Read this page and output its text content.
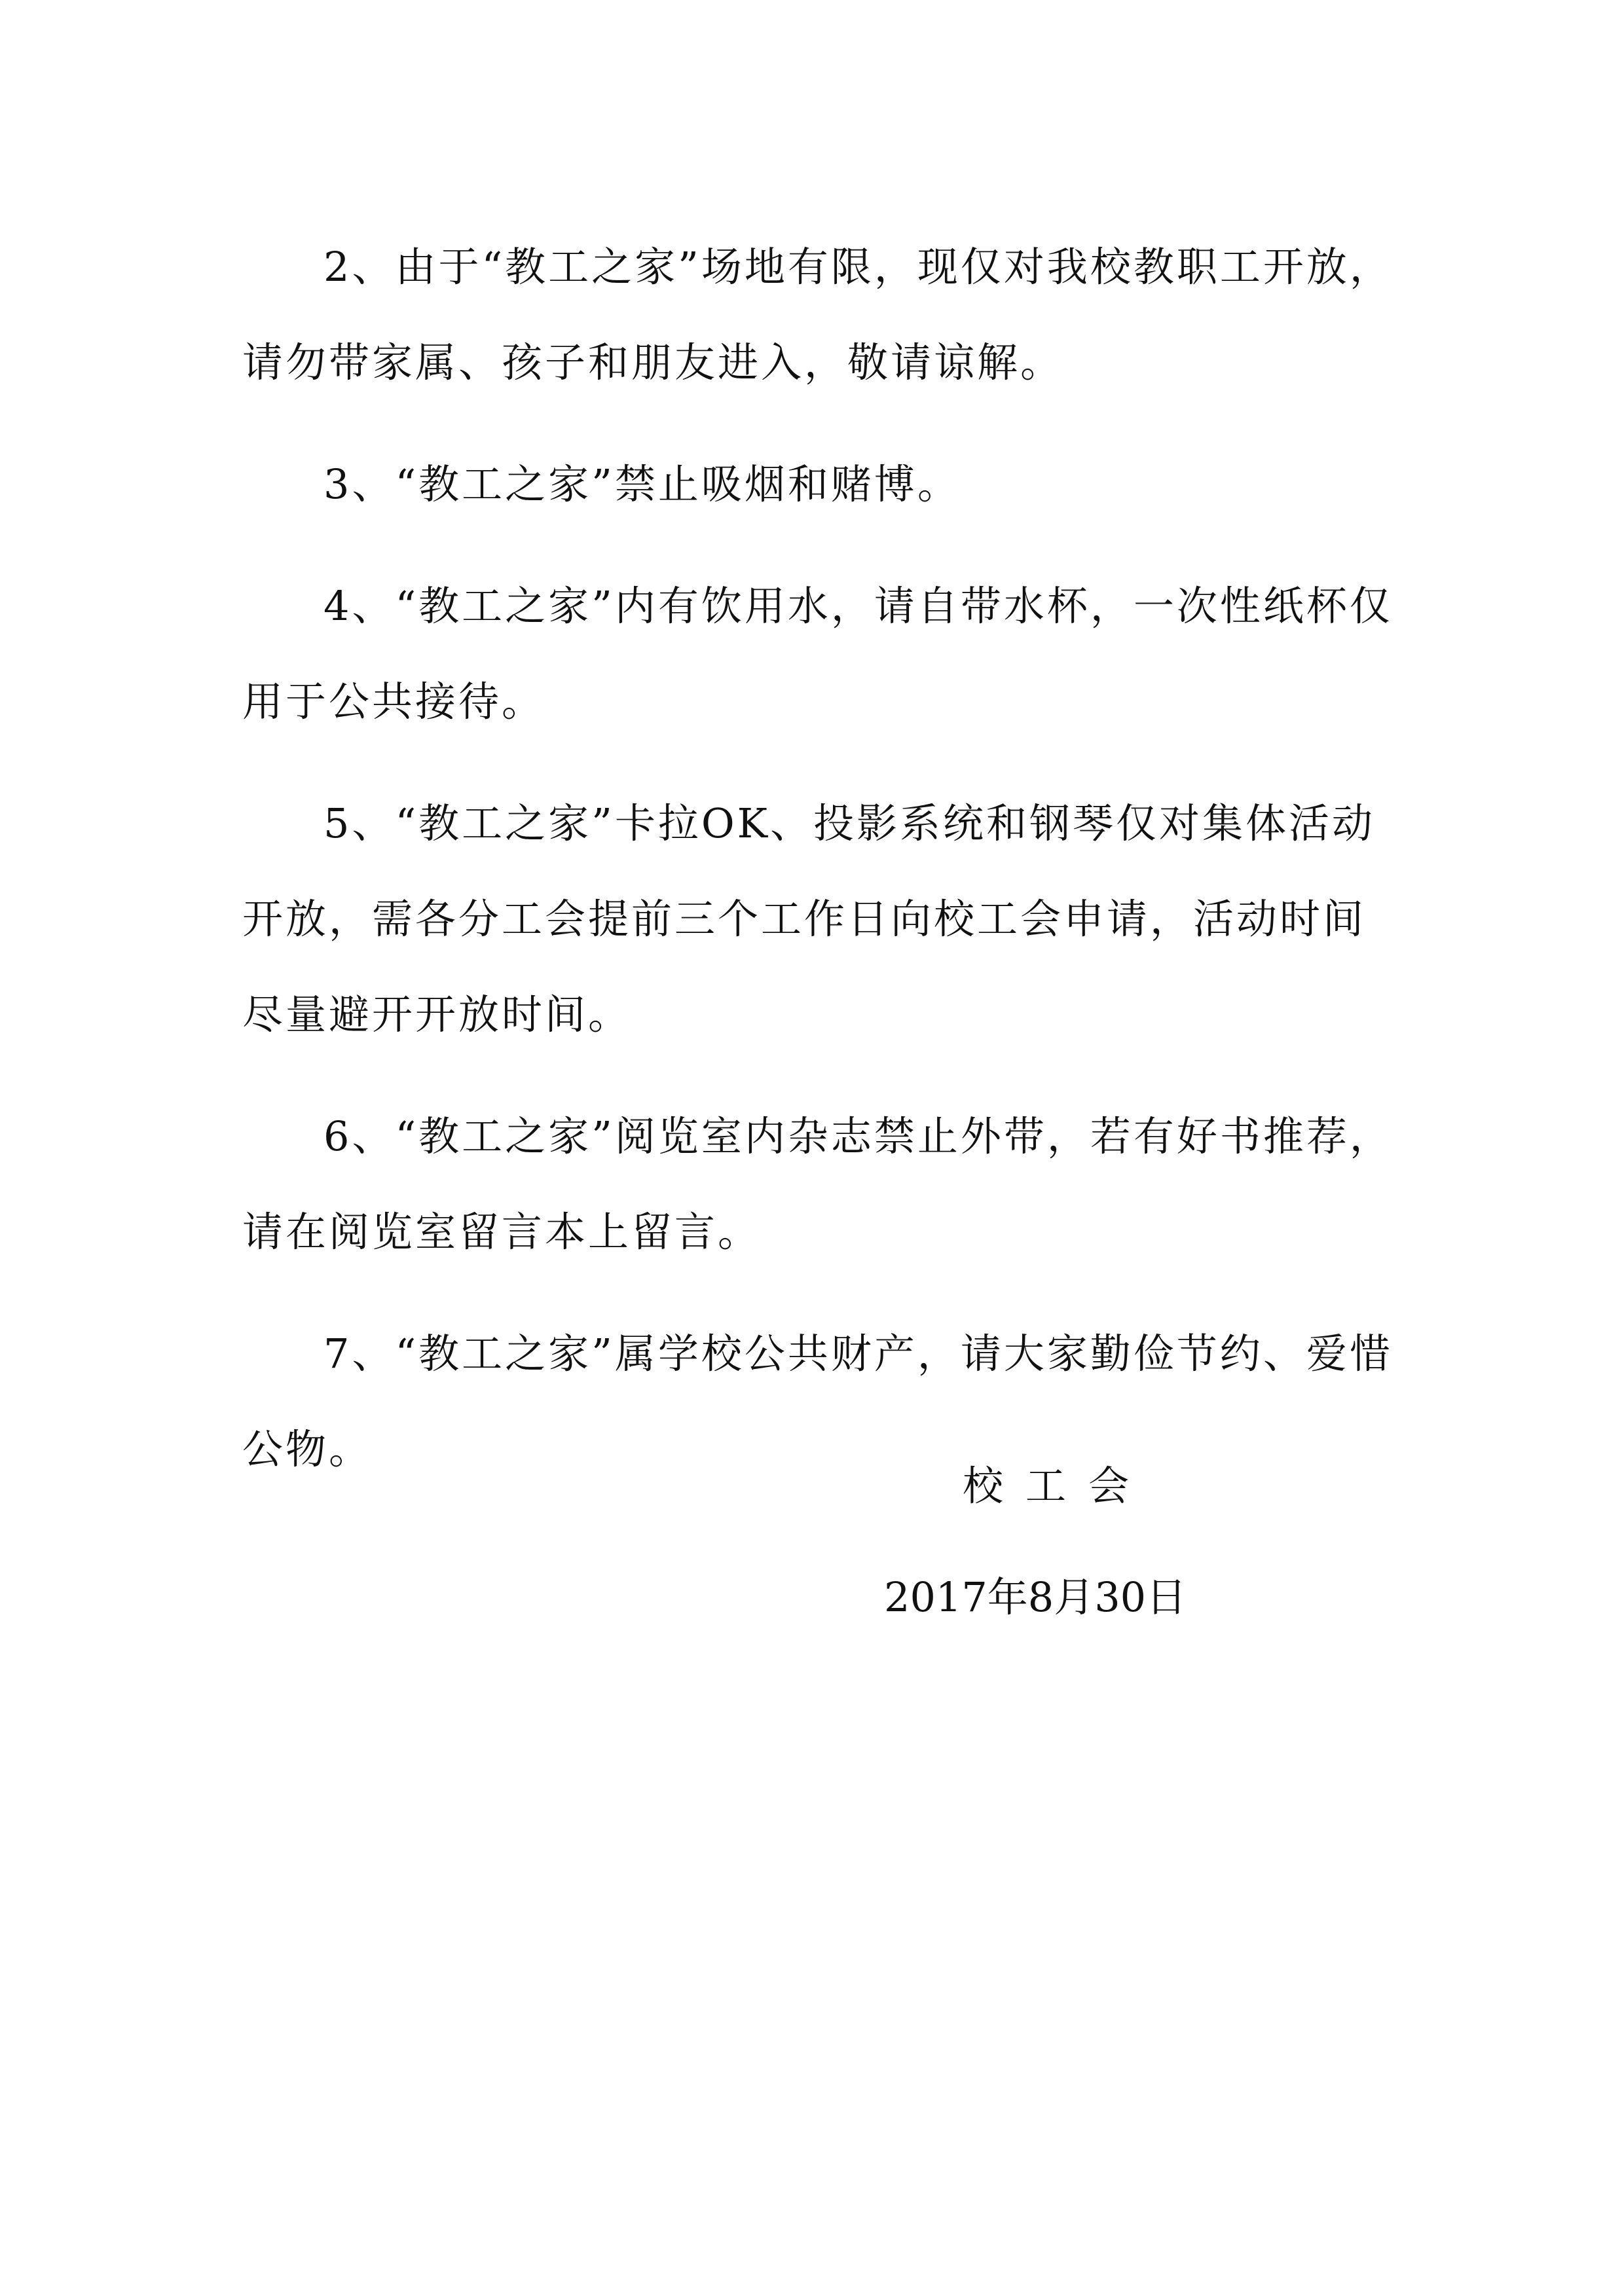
2、由于“教工之家”场地有限，现仅对我校教职工开放，请勿带家属、孩子和朋友进入，敬请谅解。

3、“教工之家”禁止吸烟和赌博。

4、“教工之家”内有饮用水，请自带水杯，一次性纸杯仅用于公共接待。

5、“教工之家”卡拉OK、投影系统和钢琴仅对集体活动开放，需各分工会提前三个工作日向校工会申请，活动时间尽量避开开放时间。

6、“教工之家”阅览室内杂志禁止外带，若有好书推荐，请在阅览室留言本上留言。

7、“教工之家”属学校公共财产，请大家勤俭节约、爱惜公物。

校工会
2017年8月30日
